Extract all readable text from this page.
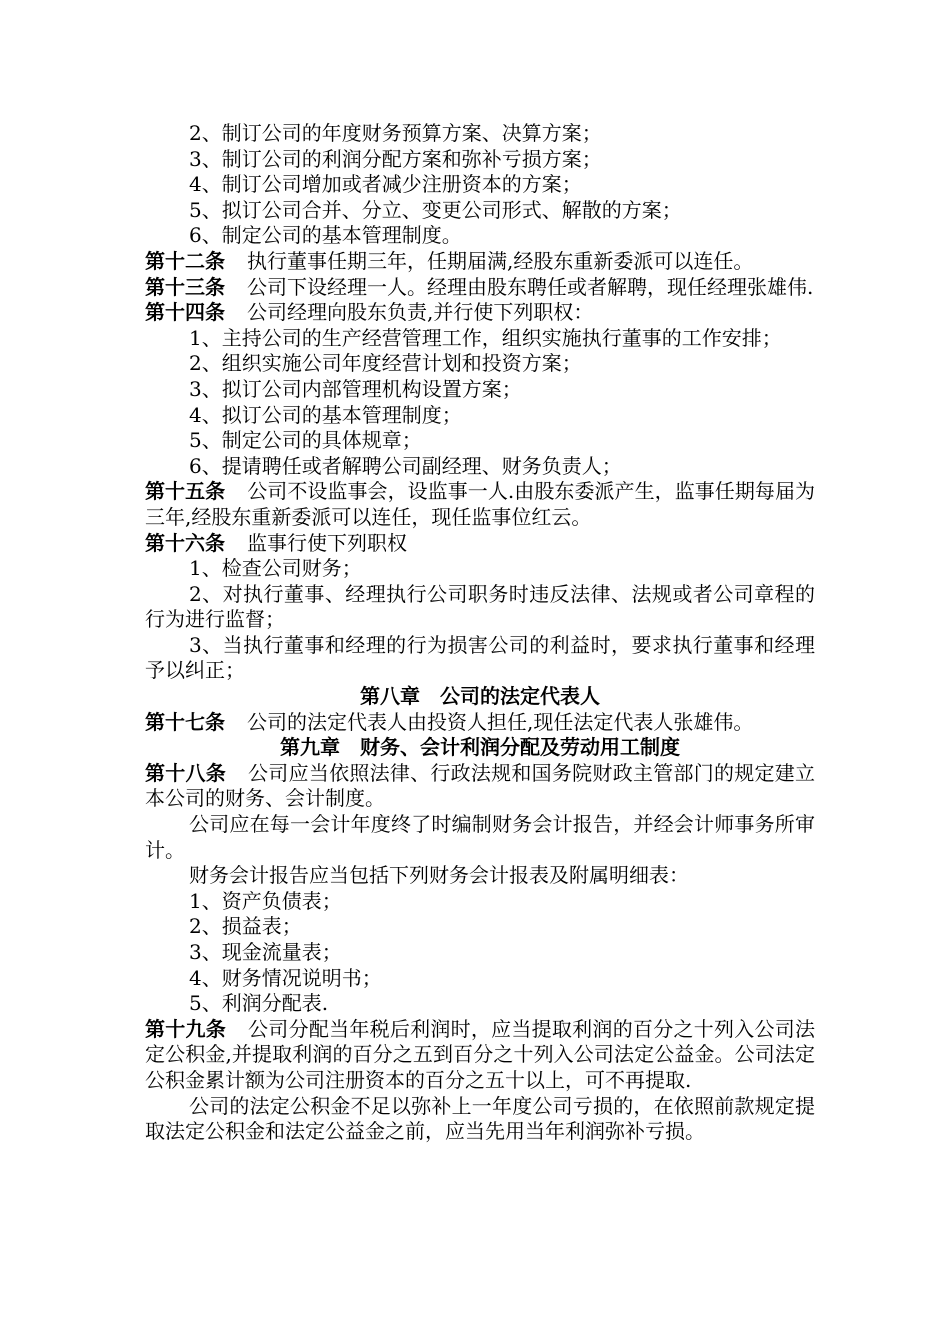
2、制订公司的年度财务预算方案、决算方案；

3、制订公司的利润分配方案和弥补亏损方案；

4、制订公司增加或者减少注册资本的方案；

5、拟订公司合并、分立、变更公司形式、解散的方案；

6、制定公司的基本管理制度。

第十二条 执行董事任期三年，任期届满,经股东重新委派可以连任。

第十三条 公司下设经理一人。经理由股东聘任或者解聘，现任经理张雄伟.

第十四条 公司经理向股东负责,并行使下列职权：

1、主持公司的生产经营管理工作，组织实施执行董事的工作安排；

2、组织实施公司年度经营计划和投资方案；

3、拟订公司内部管理机构设置方案；

4、拟订公司的基本管理制度；

5、制定公司的具体规章；

6、提请聘任或者解聘公司副经理、财务负责人；

第十五条 公司不设监事会，设监事一人.由股东委派产生，监事任期每届为三年,经股东重新委派可以连任，现任监事位红云。

第十六条 监事行使下列职权

1、检查公司财务；

2、对执行董事、经理执行公司职务时违反法律、法规或者公司章程的行为进行监督；

3、当执行董事和经理的行为损害公司的利益时，要求执行董事和经理予以纠正；

第八章　公司的法定代表人

第十七条 公司的法定代表人由投资人担任,现任法定代表人张雄伟。

第九章　财务、会计利润分配及劳动用工制度

第十八条 公司应当依照法律、行政法规和国务院财政主管部门的规定建立本公司的财务、会计制度。

公司应在每一会计年度终了时编制财务会计报告，并经会计师事务所审计。

财务会计报告应当包括下列财务会计报表及附属明细表：

1、资产负债表；

2、损益表；

3、现金流量表；

4、财务情况说明书；

5、利润分配表.

第十九条 公司分配当年税后利润时，应当提取利润的百分之十列入公司法定公积金,并提取利润的百分之五到百分之十列入公司法定公益金。公司法定公积金累计额为公司注册资本的百分之五十以上，可不再提取.

公司的法定公积金不足以弥补上一年度公司亏损的，在依照前款规定提取法定公积金和法定公益金之前，应当先用当年利润弥补亏损。
